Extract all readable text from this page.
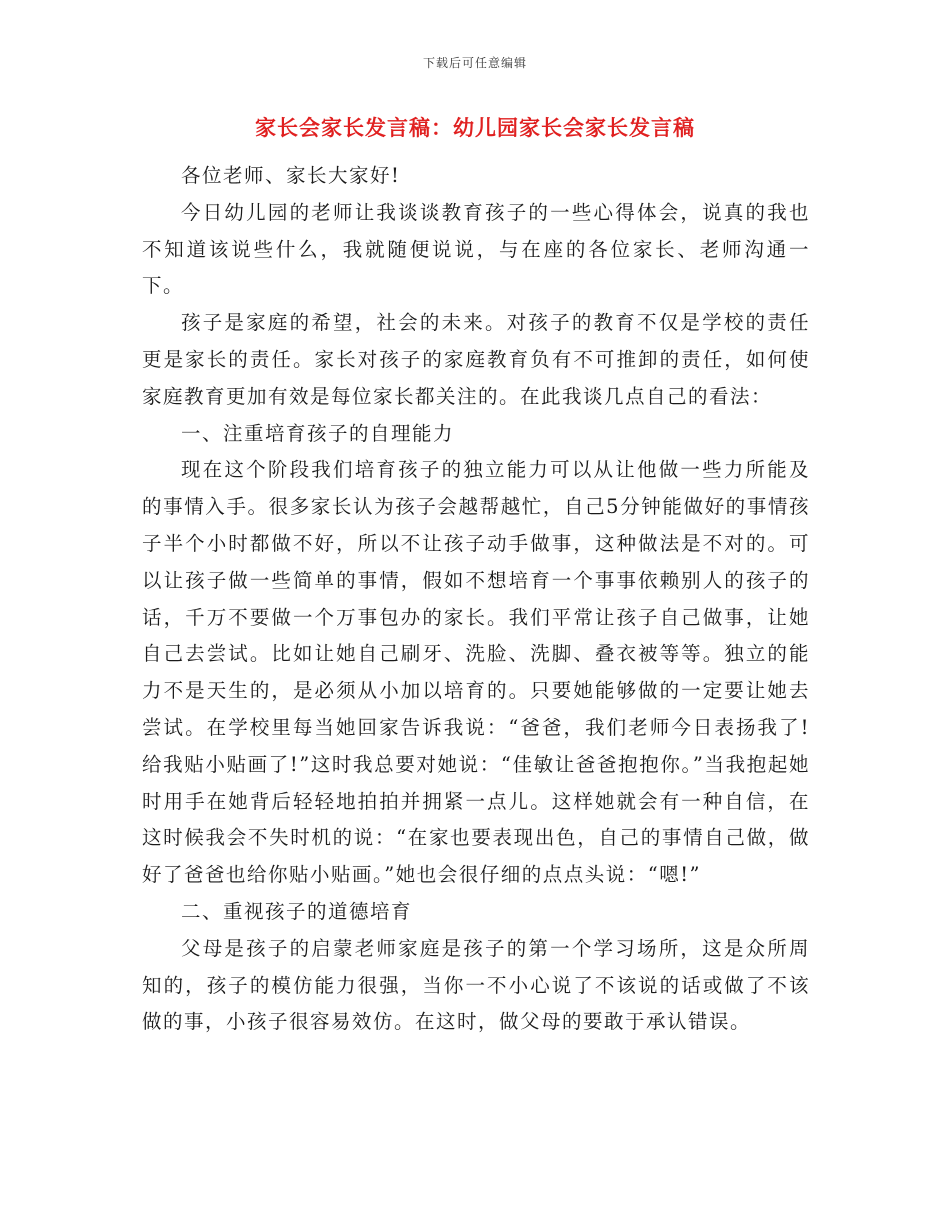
下载后可任意编辑
家长会家长发言稿：幼儿园家长会家长发言稿

各位老师、家长大家好!

今日幼儿园的老师让我谈谈教育孩子的一些心得体会，说真的我也不知道该说些什么，我就随便说说，与在座的各位家长、老师沟通一下。

孩子是家庭的希望，社会的未来。对孩子的教育不仅是学校的责任更是家长的责任。家长对孩子的家庭教育负有不可推卸的责任，如何使家庭教育更加有效是每位家长都关注的。在此我谈几点自己的看法：

一、注重培育孩子的自理能力

现在这个阶段我们培育孩子的独立能力可以从让他做一些力所能及的事情入手。很多家长认为孩子会越帮越忙，自己5分钟能做好的事情孩子半个小时都做不好，所以不让孩子动手做事，这种做法是不对的。可以让孩子做一些简单的事情，假如不想培育一个事事依赖别人的孩子的话，千万不要做一个万事包办的家长。我们平常让孩子自己做事，让她自己去尝试。比如让她自己刷牙、洗脸、洗脚、叠衣被等等。独立的能力不是天生的，是必须从小加以培育的。只要她能够做的一定要让她去尝试。在学校里每当她回家告诉我说：“爸爸，我们老师今日表扬我了!给我贴小贴画了!”这时我总要对她说：“佳敏让爸爸抱抱你。”当我抱起她时用手在她背后轻轻地拍拍并拥紧一点儿。这样她就会有一种自信，在这时候我会不失时机的说：“在家也要表现出色，自己的事情自己做，做好了爸爸也给你贴小贴画。”她也会很仔细的点点头说：“嗯!”

二、重视孩子的道德培育

父母是孩子的启蒙老师家庭是孩子的第一个学习场所，这是众所周知的，孩子的模仿能力很强，当你一不小心说了不该说的话或做了不该做的事，小孩子很容易效仿。在这时，做父母的要敢于承认错误。
